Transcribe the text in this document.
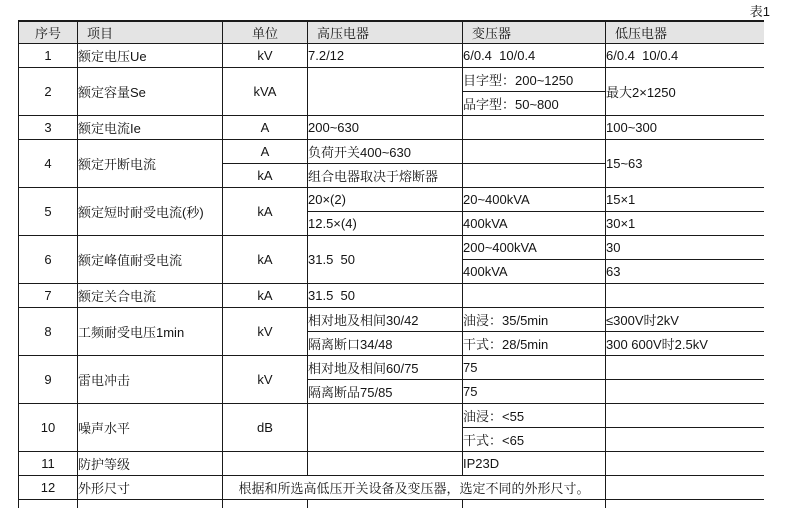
表1
序号	项目	单位	高压电器	变压器	低压电器
1	额定电压Ue	kV	7.2/12	6/0.4  10/0.4	6/0.4  10/0.4
2	额定容量Se	kVA		目字型：200~1250	最大2×1250
				品字型：50~800	
3	额定电流Ie	A	200~630		100~300
4	额定开断电流	A	负荷开关400~630		15~63
		kA	组合电器取决于熔断器		
5	额定短时耐受电流(秒)	kA	20×(2)	20~400kVA	15×1
			12.5×(4)	400kVA	30×1
6	额定峰值耐受电流	kA	31.5  50	200~400kVA	30
				400kVA	63
7	额定关合电流	kA	31.5  50		
8	工频耐受电压1min	kV	相对地及相间30/42	油浸：35/5min	≤300V时2kV
			隔离断口34/48	干式：28/5min	300 600V时2.5kV
9	雷电冲击	kV	相对地及相间60/75	75	
			隔离断品75/85	75	
10	噪声水平	dB		油浸：<55	
				干式：<65	
11	防护等级			IP23D	
12	外形尺寸	根据和所选高低压开关设备及变压器，选定不同的外形尺寸。			
